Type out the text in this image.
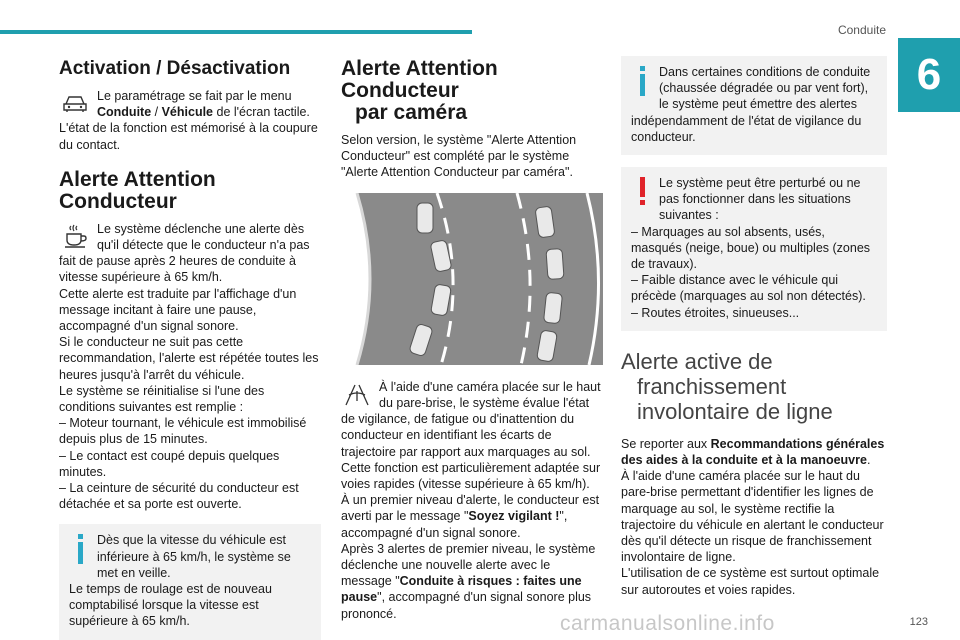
Conduite
6
Activation / Désactivation

Le paramétrage se fait par le menu Conduite / Véhicule de l'écran tactile. L'état de la fonction est mémorisé à la coupure du contact.

Alerte Attention Conducteur

Le système déclenche une alerte dès qu'il détecte que le conducteur n'a pas fait de pause après 2 heures de conduite à vitesse supérieure à 65 km/h.

Cette alerte est traduite par l'affichage d'un message incitant à faire une pause, accompagné d'un signal sonore.

Si le conducteur ne suit pas cette recommandation, l'alerte est répétée toutes les heures jusqu'à l'arrêt du véhicule.

Le système se réinitialise si l'une des conditions suivantes est remplie :

– Moteur tournant, le véhicule est immobilisé depuis plus de 15 minutes.

– Le contact est coupé depuis quelques minutes.

– La ceinture de sécurité du conducteur est détachée et sa porte est ouverte.

Dès que la vitesse du véhicule est inférieure à 65 km/h, le système se met en veille.

Le temps de roulage est de nouveau comptabilisé lorsque la vitesse est supérieure à 65 km/h.

Alerte Attention Conducteur
par caméra

Selon version, le système "Alerte Attention Conducteur" est complété par le système "Alerte Attention Conducteur par caméra".

À l'aide d'une caméra placée sur le haut du pare-brise, le système évalue l'état de vigilance, de fatigue ou d'inattention du conducteur en identifiant les écarts de trajectoire par rapport aux marquages au sol.

Cette fonction est particulièrement adaptée sur voies rapides (vitesse supérieure à 65 km/h).

À un premier niveau d'alerte, le conducteur est averti par le message "Soyez vigilant !", accompagné d'un signal sonore.

Après 3 alertes de premier niveau, le système déclenche une nouvelle alerte avec le message "Conduite à risques : faites une pause", accompagné d'un signal sonore plus prononcé.

Dans certaines conditions de conduite (chaussée dégradée ou par vent fort), le système peut émettre des alertes indépendamment de l'état de vigilance du conducteur.

Le système peut être perturbé ou ne pas fonctionner dans les situations suivantes :

– Marquages au sol absents, usés, masqués (neige, boue) ou multiples (zones de travaux).

– Faible distance avec le véhicule qui précède (marquages au sol non détectés).

– Routes étroites, sinueuses...

Alerte active de
franchissement
involontaire de ligne

Se reporter aux Recommandations générales des aides à la conduite et à la manoeuvre.

À l'aide d'une caméra placée sur le haut du pare-brise permettant d'identifier les lignes de marquage au sol, le système rectifie la trajectoire du véhicule en alertant le conducteur dès qu'il détecte un risque de franchissement involontaire de ligne.

L'utilisation de ce système est surtout optimale sur autoroutes et voies rapides.

carmanualsonline.info	123
